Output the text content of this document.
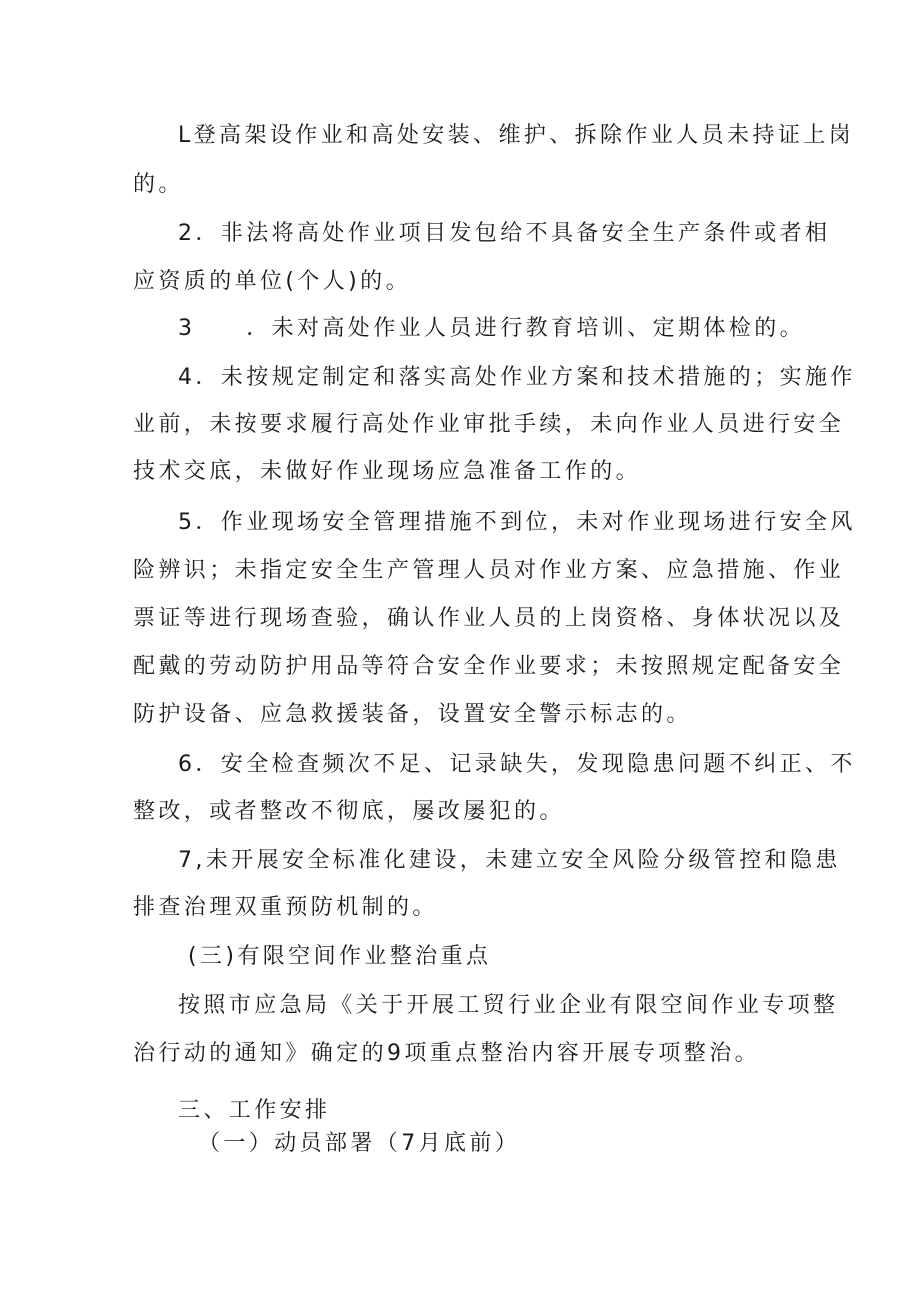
L登高架设作业和高处安装、维护、拆除作业人员未持证上岗
的。
2．非法将高处作业项目发包给不具备安全生产条件或者相
应资质的单位(个人)的。
3　　．未对高处作业人员进行教育培训、定期体检的。
4．未按规定制定和落实高处作业方案和技术措施的；实施作
业前，未按要求履行高处作业审批手续，未向作业人员进行安全
技术交底，未做好作业现场应急准备工作的。
5．作业现场安全管理措施不到位，未对作业现场进行安全风
险辨识；未指定安全生产管理人员对作业方案、应急措施、作业
票证等进行现场查验，确认作业人员的上岗资格、身体状况以及
配戴的劳动防护用品等符合安全作业要求；未按照规定配备安全
防护设备、应急救援装备，设置安全警示标志的。
6．安全检查频次不足、记录缺失，发现隐患问题不纠正、不
整改，或者整改不彻底，屡改屡犯的。
7,未开展安全标准化建设，未建立安全风险分级管控和隐患
排查治理双重预防机制的。
(三)有限空间作业整治重点
按照市应急局《关于开展工贸行业企业有限空间作业专项整
治行动的通知》确定的9项重点整治内容开展专项整治。
三、工作安排
（一）动员部署（7月底前）
